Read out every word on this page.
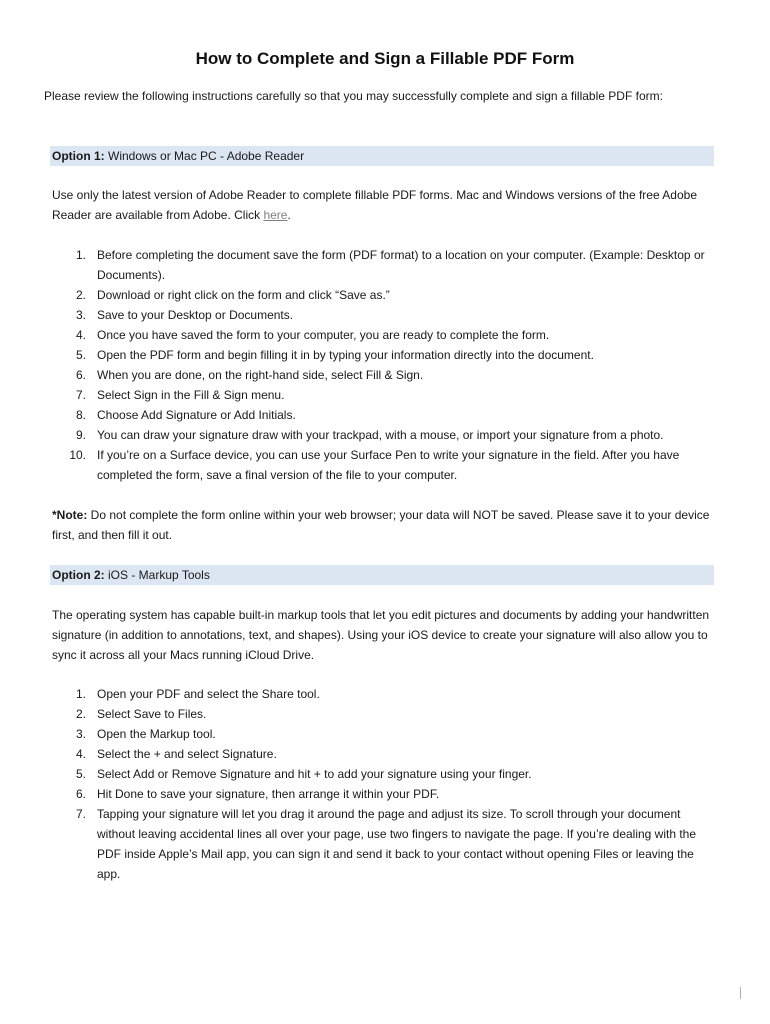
How to Complete and Sign a Fillable PDF Form
Please review the following instructions carefully so that you may successfully complete and sign a fillable PDF form:
Option 1: Windows or Mac PC - Adobe Reader
Use only the latest version of Adobe Reader to complete fillable PDF forms. Mac and Windows versions of the free Adobe Reader are available from Adobe. Click here.
1. Before completing the document save the form (PDF format) to a location on your computer. (Example: Desktop or Documents).
2. Download or right click on the form and click “Save as.”
3. Save to your Desktop or Documents.
4. Once you have saved the form to your computer, you are ready to complete the form.
5. Open the PDF form and begin filling it in by typing your information directly into the document.
6. When you are done, on the right-hand side, select Fill & Sign.
7. Select Sign in the Fill & Sign menu.
8. Choose Add Signature or Add Initials.
9. You can draw your signature draw with your trackpad, with a mouse, or import your signature from a photo.
10. If you’re on a Surface device, you can use your Surface Pen to write your signature in the field. After you have completed the form, save a final version of the file to your computer.
*Note: Do not complete the form online within your web browser; your data will NOT be saved. Please save it to your device first, and then fill it out.
Option 2: iOS - Markup Tools
The operating system has capable built-in markup tools that let you edit pictures and documents by adding your handwritten signature (in addition to annotations, text, and shapes). Using your iOS device to create your signature will also allow you to sync it across all your Macs running iCloud Drive.
1. Open your PDF and select the Share tool.
2. Select Save to Files.
3. Open the Markup tool.
4. Select the + and select Signature.
5. Select Add or Remove Signature and hit + to add your signature using your finger.
6. Hit Done to save your signature, then arrange it within your PDF.
7. Tapping your signature will let you drag it around the page and adjust its size. To scroll through your document without leaving accidental lines all over your page, use two fingers to navigate the page. If you’re dealing with the PDF inside Apple’s Mail app, you can sign it and send it back to your contact without opening Files or leaving the app.
